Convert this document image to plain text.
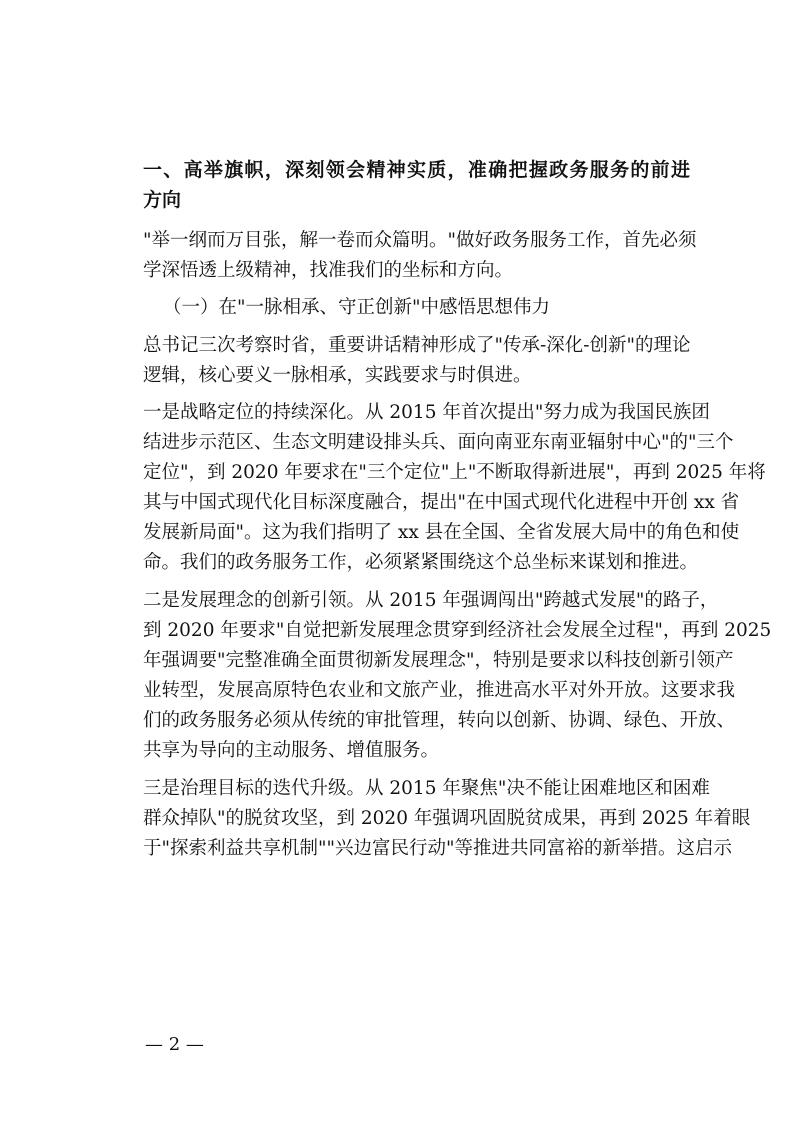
一、高举旗帜，深刻领会精神实质，准确把握政务服务的前进
方向
"举一纲而万目张，解一卷而众篇明。"做好政务服务工作，首先必须
学深悟透上级精神，找准我们的坐标和方向。
（一）在"一脉相承、守正创新"中感悟思想伟力
总书记三次考察时省，重要讲话精神形成了"传承-深化-创新"的理论
逻辑，核心要义一脉相承，实践要求与时俱进。
一是战略定位的持续深化。从 2015 年首次提出"努力成为我国民族团
结进步示范区、生态文明建设排头兵、面向南亚东南亚辐射中心"的"三个
定位"，到 2020 年要求在"三个定位"上"不断取得新进展"，再到 2025 年将
其与中国式现代化目标深度融合，提出"在中国式现代化进程中开创 xx 省
发展新局面"。这为我们指明了 xx 县在全国、全省发展大局中的角色和使
命。我们的政务服务工作，必须紧紧围绕这个总坐标来谋划和推进。
二是发展理念的创新引领。从 2015 年强调闯出"跨越式发展"的路子，
到 2020 年要求"自觉把新发展理念贯穿到经济社会发展全过程"，再到 2025
年强调要"完整准确全面贯彻新发展理念"，特别是要求以科技创新引领产
业转型，发展高原特色农业和文旅产业，推进高水平对外开放。这要求我
们的政务服务必须从传统的审批管理，转向以创新、协调、绿色、开放、
共享为导向的主动服务、增值服务。
三是治理目标的迭代升级。从 2015 年聚焦"决不能让困难地区和困难
群众掉队"的脱贫攻坚，到 2020 年强调巩固脱贫成果，再到 2025 年着眼
于"探索利益共享机制""兴边富民行动"等推进共同富裕的新举措。这启示
— 2 —
